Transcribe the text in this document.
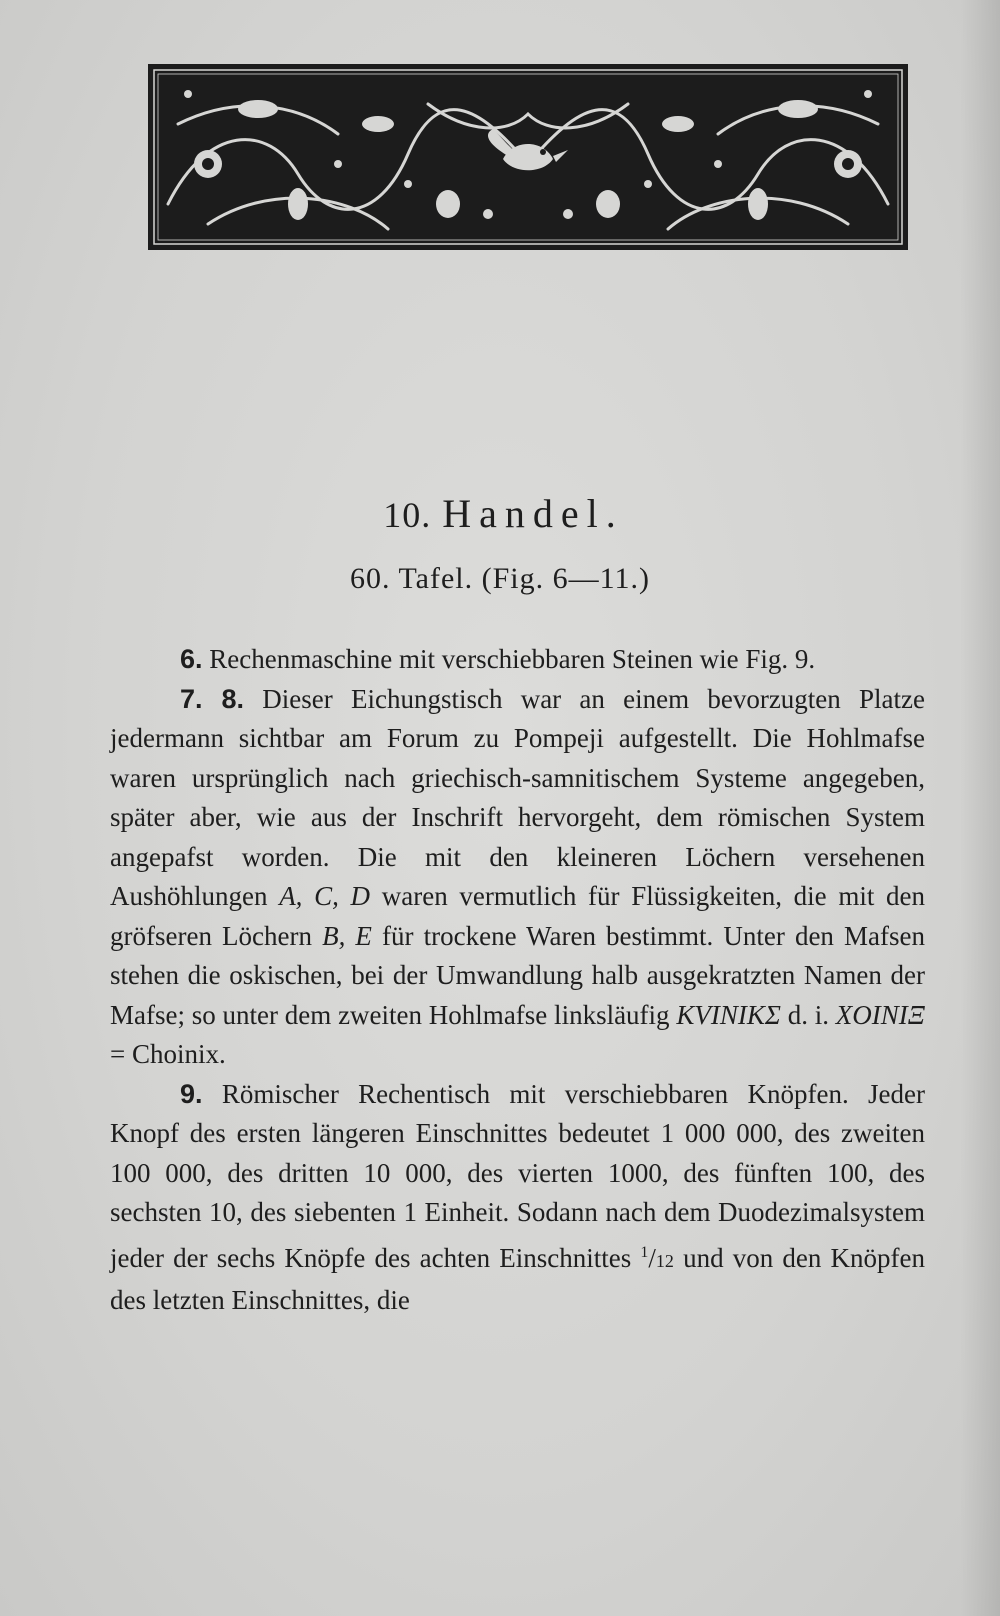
10. Handel.
60. Tafel. (Fig. 6—11.)

6. Rechenmaschine mit verschiebbaren Steinen wie Fig. 9.

7. 8. Dieser Eichungstisch war an einem bevorzugten Platze jedermann sichtbar am Forum zu Pompeji aufgestellt. Die Hohlmafse waren ursprünglich nach griechisch-samnitischem Systeme angegeben, später aber, wie aus der Inschrift hervorgeht, dem römischen System angepafst worden. Die mit den kleineren Löchern versehenen Aushöhlungen A, C, D waren vermutlich für Flüssigkeiten, die mit den gröfseren Löchern B, E für trockene Waren bestimmt. Unter den Mafsen stehen die oskischen, bei der Umwandlung halb ausgekratzten Namen der Mafse; so unter dem zweiten Hohlmafse linksläufig KVINIKΣ d. i. XOINIΞ = Choinix.

9. Römischer Rechentisch mit verschiebbaren Knöpfen. Jeder Knopf des ersten längeren Einschnittes bedeutet 1 000 000, des zweiten 100 000, des dritten 10 000, des vierten 1000, des fünften 100, des sechsten 10, des siebenten 1 Einheit. Sodann nach dem Duodezimalsystem jeder der sechs Knöpfe des achten Einschnittes $^1$/12 und von den Knöpfen des letzten Einschnittes, die
